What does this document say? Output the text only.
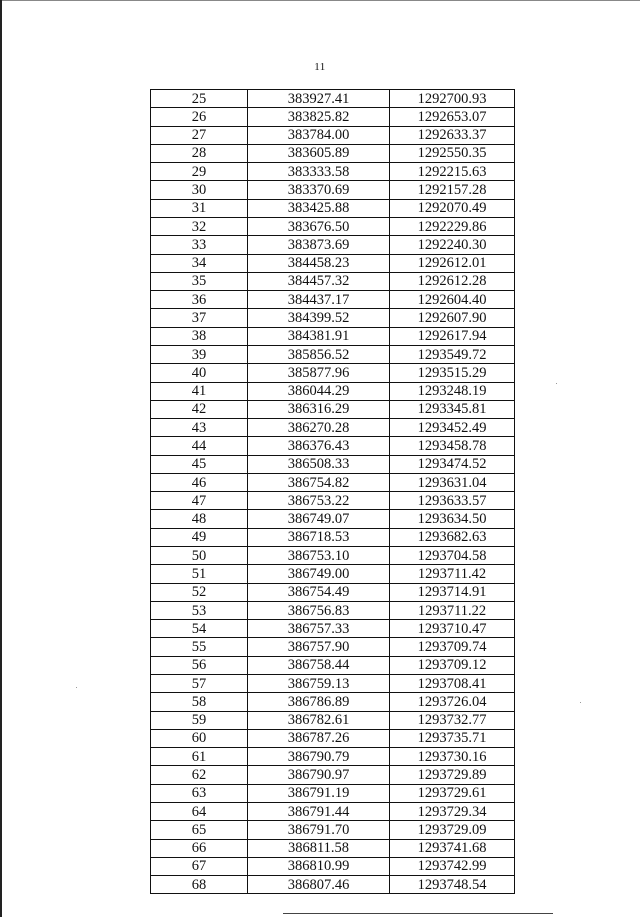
11
25	383927.41	1292700.93
26	383825.82	1292653.07
27	383784.00	1292633.37
28	383605.89	1292550.35
29	383333.58	1292215.63
30	383370.69	1292157.28
31	383425.88	1292070.49
32	383676.50	1292229.86
33	383873.69	1292240.30
34	384458.23	1292612.01
35	384457.32	1292612.28
36	384437.17	1292604.40
37	384399.52	1292607.90
38	384381.91	1292617.94
39	385856.52	1293549.72
40	385877.96	1293515.29
41	386044.29	1293248.19
42	386316.29	1293345.81
43	386270.28	1293452.49
44	386376.43	1293458.78
45	386508.33	1293474.52
46	386754.82	1293631.04
47	386753.22	1293633.57
48	386749.07	1293634.50
49	386718.53	1293682.63
50	386753.10	1293704.58
51	386749.00	1293711.42
52	386754.49	1293714.91
53	386756.83	1293711.22
54	386757.33	1293710.47
55	386757.90	1293709.74
56	386758.44	1293709.12
57	386759.13	1293708.41
58	386786.89	1293726.04
59	386782.61	1293732.77
60	386787.26	1293735.71
61	386790.79	1293730.16
62	386790.97	1293729.89
63	386791.19	1293729.61
64	386791.44	1293729.34
65	386791.70	1293729.09
66	386811.58	1293741.68
67	386810.99	1293742.99
68	386807.46	1293748.54
